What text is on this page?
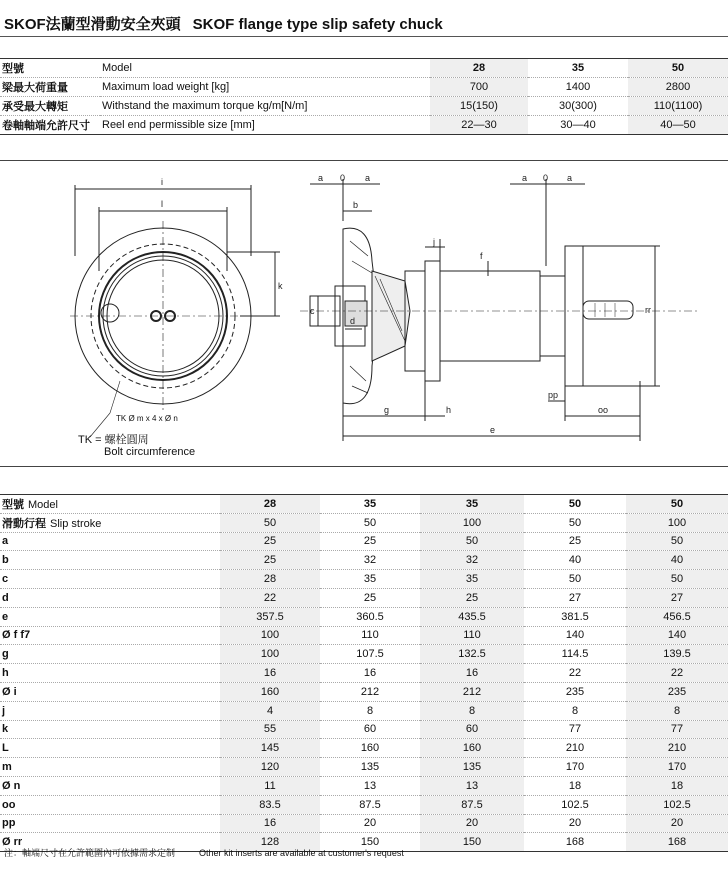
SKOF法蘭型滑動安全夾頭 SKOF flange type slip safety chuck
型號	Model	28	35	50
梁最大荷重量	Maximum load weight [kg]	700	1400	2800
承受最大轉矩	Withstand the maximum torque kg/m[N/m]	15(150)	30(300)	110(1100)
卷軸軸端允許尺寸	Reel end permissible size [mm]	22—30	30—40	40—50
i
l
k
a 0 a	a 0 a
b
j
f
c
d
g	h
e
pp
oo
rr
TK Ø m x 4 x Ø n
TK = 螺栓圓周
Bolt circumference
型號 Model	28	35	35	50	50
滑動行程 Slip stroke	50	50	100	50	100
a	25	25	50	25	50
b	25	32	32	40	40
c	28	35	35	50	50
d	22	25	25	27	27
e	357.5	360.5	435.5	381.5	456.5
Ø f f7	100	110	110	140	140
g	100	107.5	132.5	114.5	139.5
h	16	16	16	22	22
Ø i	160	212	212	235	235
j	4	8	8	8	8
k	55	60	60	77	77
L	145	160	160	210	210
m	120	135	135	170	170
Ø n	11	13	13	18	18
oo	83.5	87.5	87.5	102.5	102.5
pp	16	20	20	20	20
Ø rr	128	150	150	168	168
注：軸端尺寸在允許範圍內可依據需求定制	Other kit inserts are available at customer's request
